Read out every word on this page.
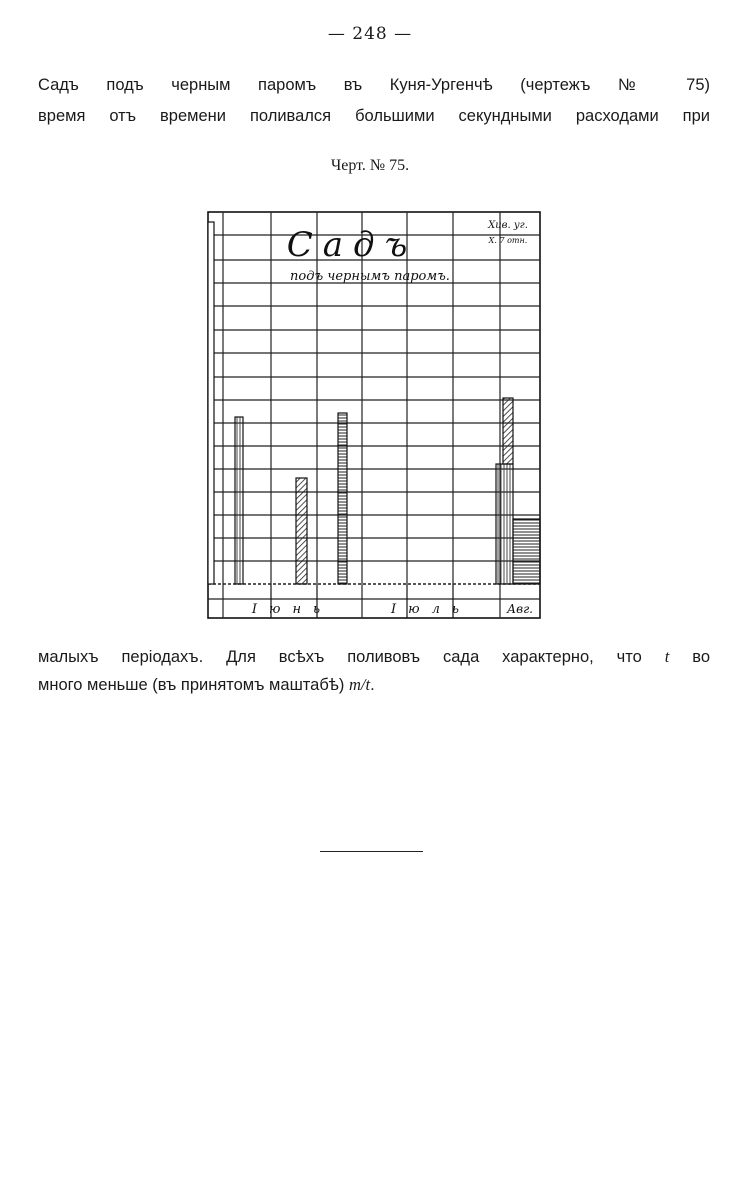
— 248 —
Садъ подъ черным паромъ въ Куня-Ургенчѣ (чертежъ № 75)
время отъ времени поливался большими секундными расходами при
Черт. № 75.
Садъ
подъ чернымъ паромъ.
Хив. уг.
Х. 7 отн.
Іюнь	Іюль	Авг.
малыхъ періодахъ. Для всѣхъ поливовъ сада характерно, что t во
много меньше (въ принятомъ маштабѣ) m/t.
